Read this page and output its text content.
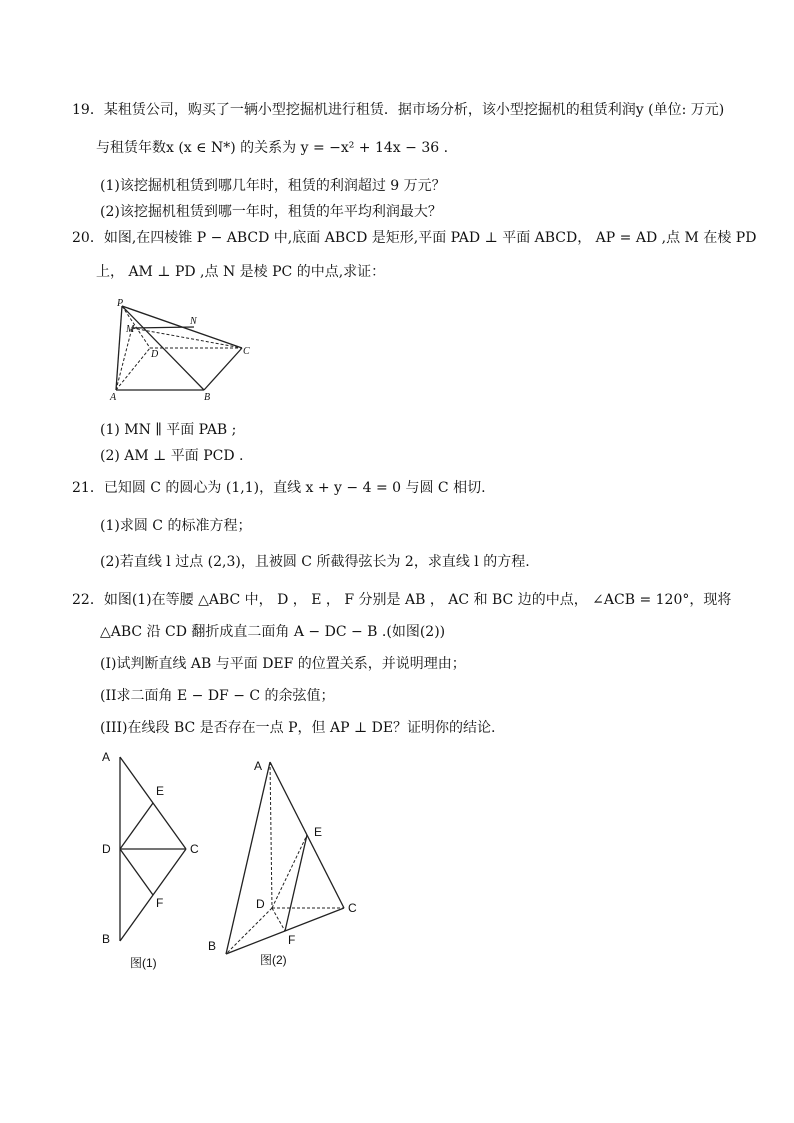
19．某租赁公司，购买了一辆小型挖掘机进行租赁．据市场分析，该小型挖掘机的租赁利润y (单位: 万元)
与租赁年数x (x ∈ N*) 的关系为 y = −x² + 14x − 36 .
(1)该挖掘机租赁到哪几年时，租赁的利润超过 9 万元？
(2)该挖掘机租赁到哪一年时，租赁的年平均利润最大？
20．如图,在四棱锥 P − ABCD 中,底面 ABCD 是矩形,平面 PAD ⊥ 平面 ABCD， AP = AD ,点 M 在棱 PD
上， AM ⊥ PD ,点 N 是棱 PC 的中点,求证：
P
M
N
D	C
A	B
(1) MN ∥ 平面 PAB ;
(2) AM ⊥ 平面 PCD .
21．已知圆 C 的圆心为 (1,1)，直线 x + y − 4 = 0 与圆 C 相切.
(1)求圆 C 的标准方程；
(2)若直线 l 过点 (2,3)，且被圆 C 所截得弦长为 2，求直线 l 的方程.
22．如图(1)在等腰 △ABC 中， D ， E ， F 分别是 AB ， AC 和 BC 边的中点， ∠ACB = 120°，现将
△ABC 沿 CD 翻折成直二面角 A − DC − B .(如图(2))
(I)试判断直线 AB 与平面 DEF 的位置关系，并说明理由；
(II求二面角 E − DF − C 的余弦值；
(III)在线段 BC 是否存在一点 P，但 AP ⊥ DE？证明你的结论.
A
E
D	C
F
B
图(1)
A
E
D	C
F
B
图(2)
